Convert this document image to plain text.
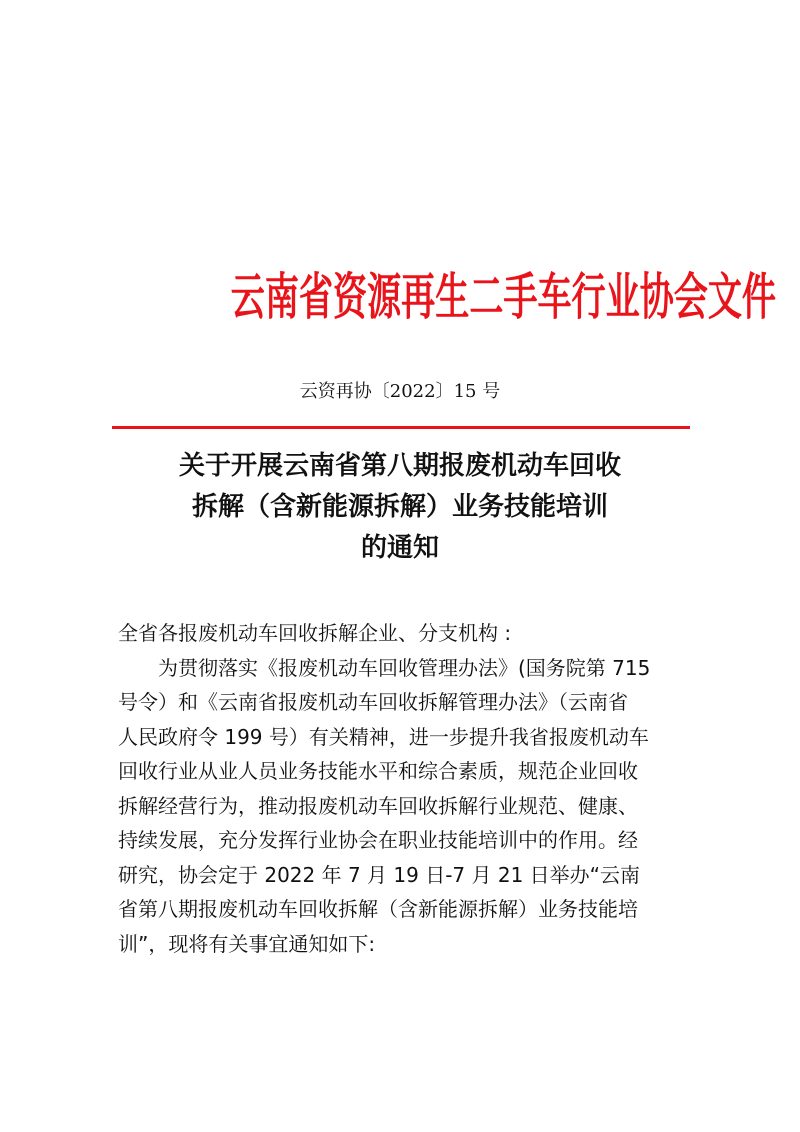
云南省资源再生二手车行业协会文件
云资再协〔2022〕15 号
关于开展云南省第八期报废机动车回收
拆解（含新能源拆解）业务技能培训
的通知
全省各报废机动车回收拆解企业、分支机构 :
为贯彻落实《报废机动车回收管理办法》(国务院第 715
号令）和《云南省报废机动车回收拆解管理办法》（云南省
人民政府令 199 号）有关精神，进一步提升我省报废机动车
回收行业从业人员业务技能水平和综合素质，规范企业回收
拆解经营行为，推动报废机动车回收拆解行业规范、健康、
持续发展，充分发挥行业协会在职业技能培训中的作用。经
研究，协会定于 2022 年 7 月 19 日-7 月 21 日举办“云南
省第八期报废机动车回收拆解（含新能源拆解）业务技能培
训”，现将有关事宜通知如下:
